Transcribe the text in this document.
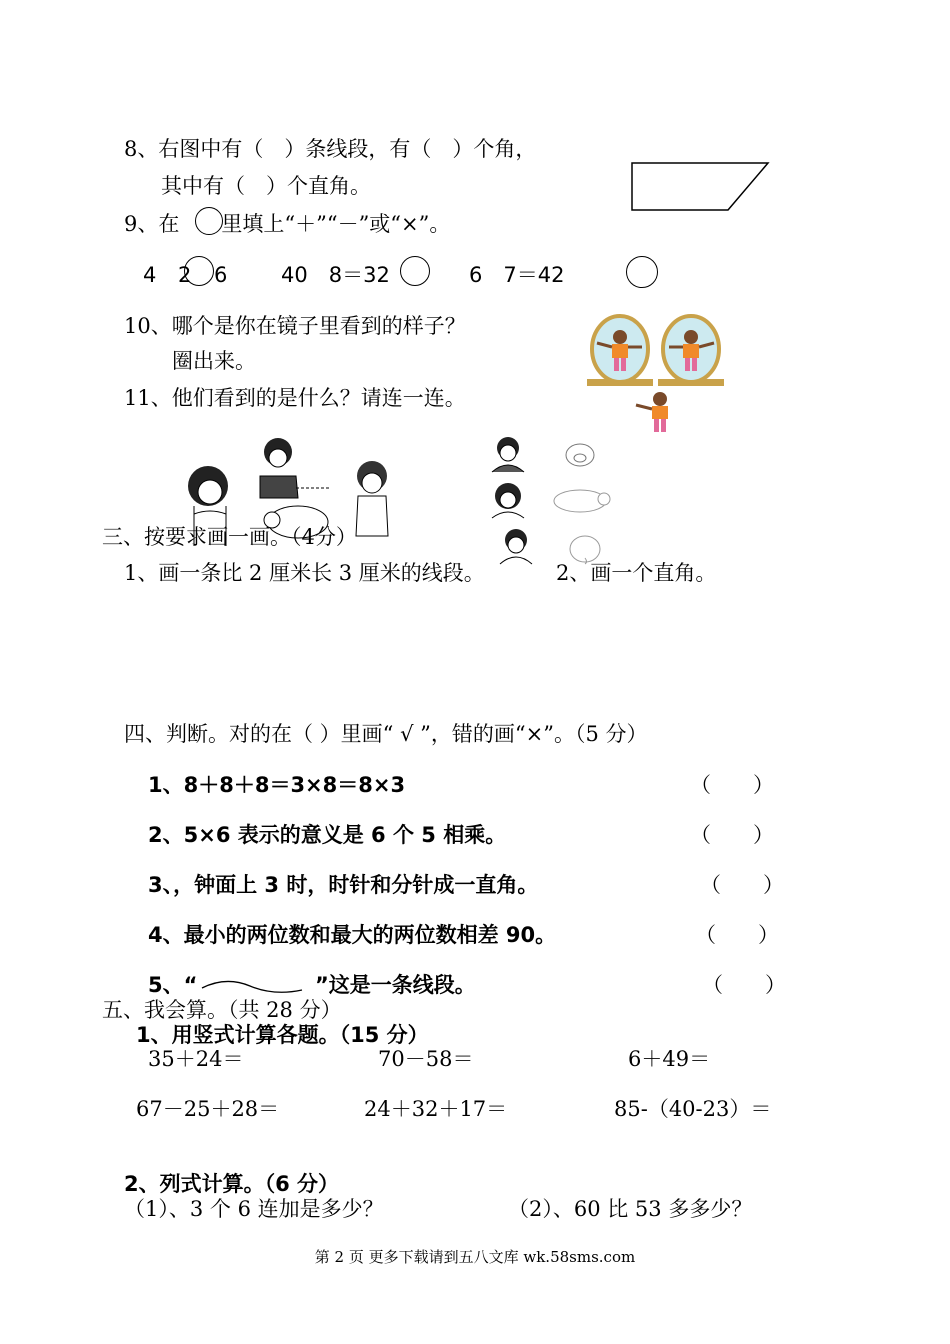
8、右图中有（　）条线段，有（　）个角，
其中有（　）个直角。
9、在　　里填上“＋”“－”或“×”。
4 2 6	40　8＝32	6　7＝42
10、哪个是你在镜子里看到的样子？
圈出来。
11、他们看到的是什么？请连一连。
三、按要求画一画。（4分）
1、画一条比 2 厘米长 3 厘米的线段。	2、画一个直角。
四、判断。对的在（ ）里画“ √ ”，错的画“×”。（5 分）
1、8＋8＋8＝3×8＝8×3	（　　）
2、5×6 表示的意义是 6 个 5 相乘。	（　　）
3、，钟面上 3 时，时针和分针成一直角。	（　　）
4、最小的两位数和最大的两位数相差 90。	（　　）
5、“	”这是一条线段。	（　　）
五、我会算。（共 28 分）
1、用竖式计算各题。（15 分）
35＋24＝	70－58＝	6＋49＝
67－25＋28＝	24＋32＋17＝	85-（40-23）＝
2、列式计算。（6 分）
（1）、3 个 6 连加是多少？	（2）、60 比 53 多多少？
第 2 页 更多下载请到五八文库 wk.58sms.com
